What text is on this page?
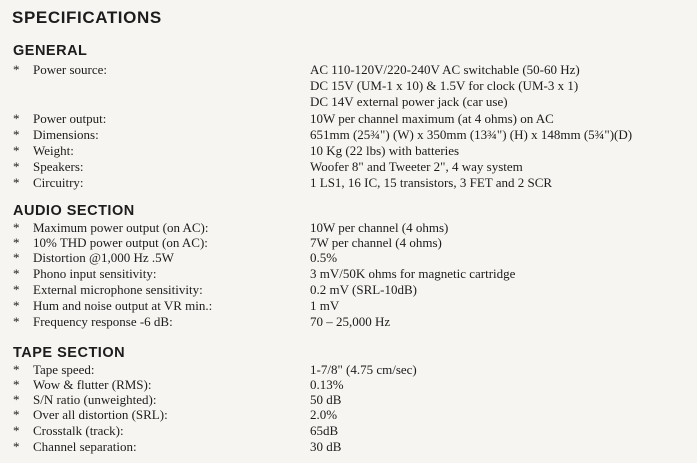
SPECIFICATIONS
GENERAL
* Power source:	AC 110-120V/220-240V AC switchable (50-60 Hz)
DC 15V (UM-1 x 10) & 1.5V for clock (UM-3 x 1)
DC 14V external power jack (car use)
* Power output:	10W per channel maximum (at 4 ohms) on AC
* Dimensions:	651mm (25¾") (W) x 350mm (13¾") (H) x 148mm (5¾")(D)
* Weight:	10 Kg (22 lbs) with batteries
* Speakers:	Woofer 8" and Tweeter 2", 4 way system
* Circuitry:	1 LS1, 16 IC, 15 transistors, 3 FET and 2 SCR
AUDIO SECTION
* Maximum power output (on AC):	10W per channel (4 ohms)
* 10% THD power output (on AC):	7W per channel (4 ohms)
* Distortion @1,000 Hz .5W	0.5%
* Phono input sensitivity:	3 mV/50K ohms for magnetic cartridge
* External microphone sensitivity:	0.2 mV (SRL-10dB)
* Hum and noise output at VR min.:	1 mV
* Frequency response -6 dB:	70 – 25,000 Hz
TAPE SECTION
* Tape speed:	1-7/8" (4.75 cm/sec)
* Wow & flutter (RMS):	0.13%
* S/N ratio (unweighted):	50 dB
* Over all distortion (SRL):	2.0%
* Crosstalk (track):	65dB
* Channel separation:	30 dB
